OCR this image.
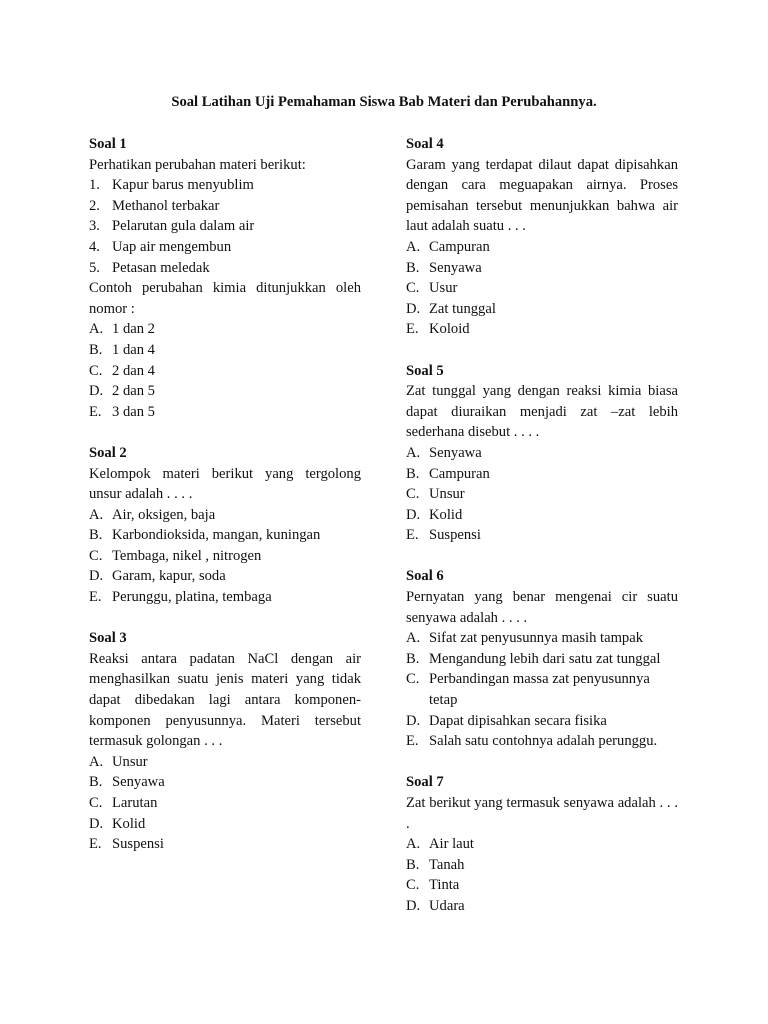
Soal Latihan Uji Pemahaman Siswa Bab Materi dan Perubahannya.
Soal 1
Perhatikan perubahan materi berikut:
1. Kapur barus menyublim
2. Methanol terbakar
3. Pelarutan gula dalam air
4. Uap air mengembun
5. Petasan meledak
Contoh perubahan kimia ditunjukkan oleh nomor :
A. 1 dan 2
B. 1 dan 4
C. 2 dan 4
D. 2 dan 5
E. 3 dan 5
Soal 2
Kelompok materi berikut yang tergolong unsur adalah . . . .
A. Air, oksigen, baja
B. Karbondioksida, mangan, kuningan
C. Tembaga, nikel , nitrogen
D. Garam, kapur, soda
E. Perunggu, platina, tembaga
Soal 3
Reaksi antara padatan NaCl dengan air menghasilkan suatu jenis materi yang tidak dapat dibedakan lagi antara komponen-komponen penyusunnya. Materi tersebut termasuk golongan . . .
A. Unsur
B. Senyawa
C. Larutan
D. Kolid
E. Suspensi
Soal 4
Garam yang terdapat dilaut dapat dipisahkan dengan cara meguapakan airnya. Proses pemisahan tersebut menunjukkan bahwa air laut adalah suatu . . .
A. Campuran
B. Senyawa
C. Usur
D. Zat tunggal
E. Koloid
Soal 5
Zat tunggal yang dengan reaksi kimia biasa dapat diuraikan menjadi zat –zat lebih sederhana disebut . . . .
A. Senyawa
B. Campuran
C. Unsur
D. Kolid
E. Suspensi
Soal 6
Pernyatan yang benar mengenai cir suatu senyawa adalah . . . .
A. Sifat zat penyusunnya masih tampak
B. Mengandung lebih dari satu zat tunggal
C. Perbandingan massa zat penyusunnya tetap
D. Dapat dipisahkan secara fisika
E. Salah satu contohnya adalah perunggu.
Soal 7
Zat berikut yang termasuk senyawa adalah . . . .
A. Air laut
B. Tanah
C. Tinta
D. Udara
